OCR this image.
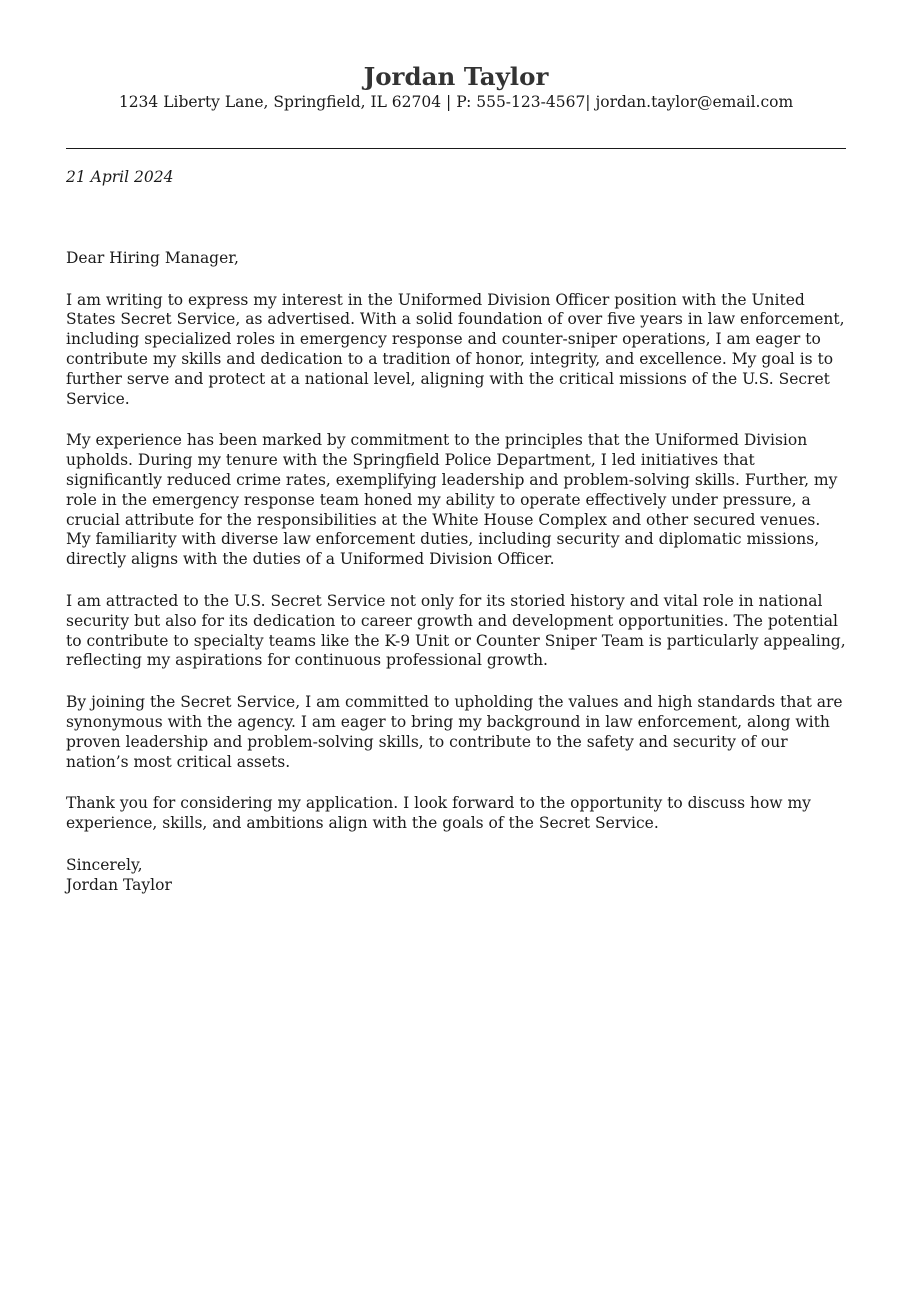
Jordan Taylor
1234 Liberty Lane, Springfield, IL 62704 | P: 555-123-4567| jordan.taylor@email.com

21 April 2024

Dear Hiring Manager,

I am writing to express my interest in the Uniformed Division Officer position with the United States Secret Service, as advertised. With a solid foundation of over five years in law enforcement, including specialized roles in emergency response and counter-sniper operations, I am eager to contribute my skills and dedication to a tradition of honor, integrity, and excellence. My goal is to further serve and protect at a national level, aligning with the critical missions of the U.S. Secret Service.

My experience has been marked by commitment to the principles that the Uniformed Division upholds. During my tenure with the Springfield Police Department, I led initiatives that significantly reduced crime rates, exemplifying leadership and problem-solving skills. Further, my role in the emergency response team honed my ability to operate effectively under pressure, a crucial attribute for the responsibilities at the White House Complex and other secured venues. My familiarity with diverse law enforcement duties, including security and diplomatic missions, directly aligns with the duties of a Uniformed Division Officer.

I am attracted to the U.S. Secret Service not only for its storied history and vital role in national security but also for its dedication to career growth and development opportunities. The potential to contribute to specialty teams like the K-9 Unit or Counter Sniper Team is particularly appealing, reflecting my aspirations for continuous professional growth.

By joining the Secret Service, I am committed to upholding the values and high standards that are synonymous with the agency. I am eager to bring my background in law enforcement, along with proven leadership and problem-solving skills, to contribute to the safety and security of our nation’s most critical assets.

Thank you for considering my application. I look forward to the opportunity to discuss how my experience, skills, and ambitions align with the goals of the Secret Service.

Sincerely,

Jordan Taylor
